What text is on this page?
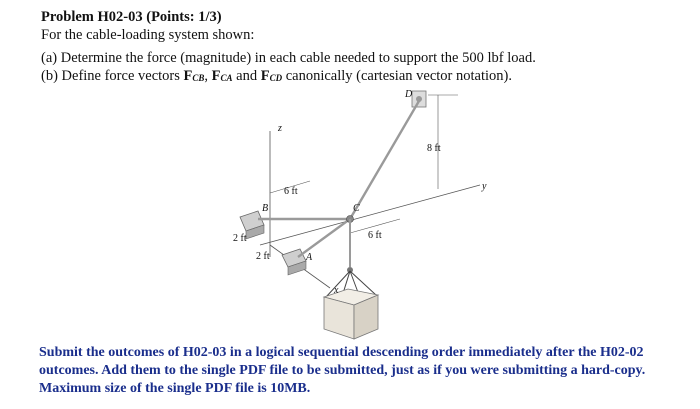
Problem H02-03 (Points: 1/3)
For the cable-loading system shown:
(a) Determine the force (magnitude) in each cable needed to support the 500 lbf load.
(b) Define force vectors $F_{CB}$, $F_{CA}$ and $F_{CD}$ canonically (cartesian vector notation).
D
z
y
x
B
A
C
8 ft
6 ft
6 ft
2 ft
2 ft
Submit the outcomes of H02-03 in a logical sequential descending order immediately after the H02-02 outcomes. Add them to the single PDF file to be submitted, just as if you were submitting a hard-copy. Maximum size of the single PDF file is 10MB.
